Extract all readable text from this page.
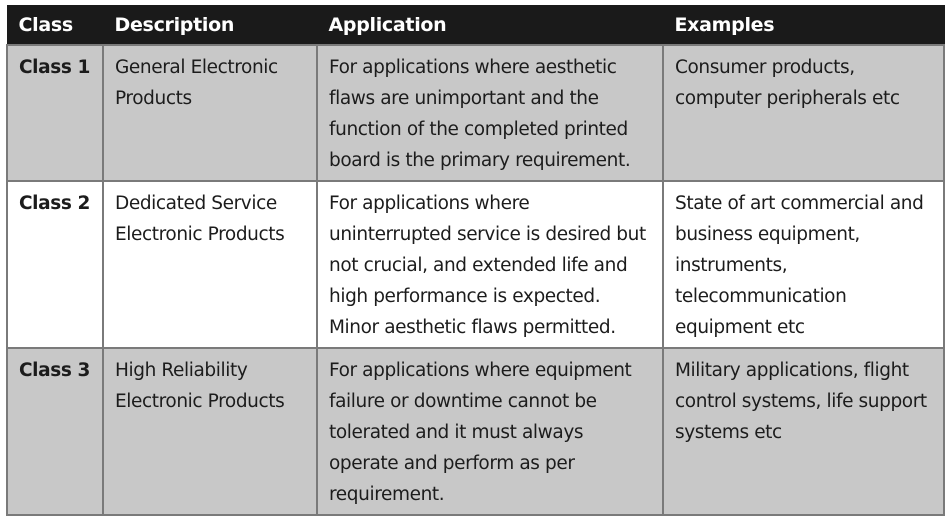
Class	Description	Application	Examples
Class 1	General Electronic Products	For applications where aesthetic flaws are unimportant and the function of the completed printed board is the primary requirement.	Consumer products, computer peripherals etc
Class 2	Dedicated Service Electronic Products	For applications where uninterrupted service is desired but not crucial, and extended life and high performance is expected. Minor aesthetic flaws permitted.	State of art commercial and business equipment, instruments, telecommunication equipment etc
Class 3	High Reliability Electronic Products	For applications where equipment failure or downtime cannot be tolerated and it must always operate and perform as per requirement.	Military applications, flight control systems, life support systems etc
